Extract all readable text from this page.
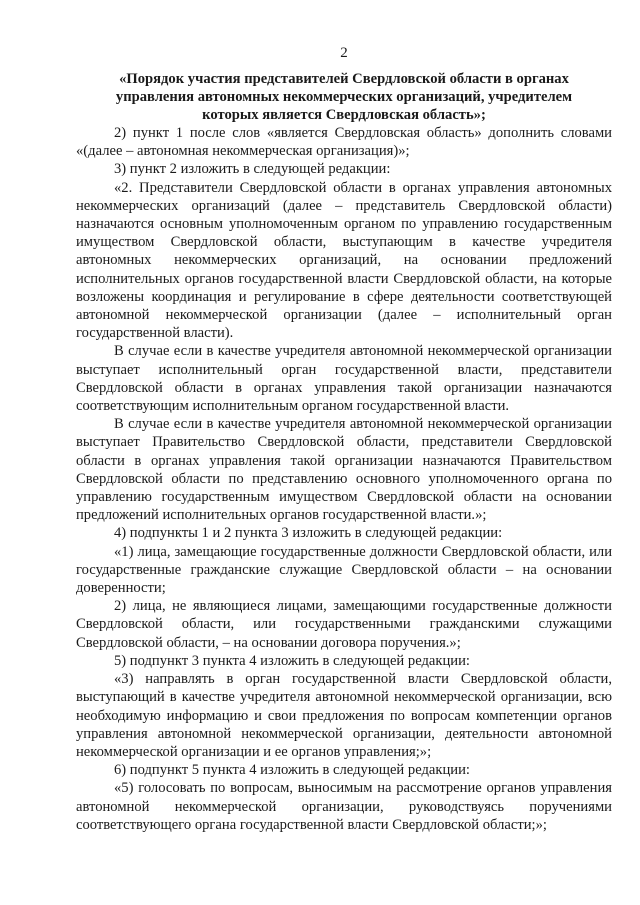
2
«Порядок участия представителей Свердловской области в органах
управления автономных некоммерческих организаций, учредителем
которых является Свердловская область»;

2) пункт 1 после слов «является Свердловская область» дополнить словами «(далее – автономная некоммерческая организация)»;

3) пункт 2 изложить в следующей редакции:

«2. Представители Свердловской области в органах управления автономных некоммерческих организаций (далее – представитель Свердловской области) назначаются основным уполномоченным органом по управлению государственным имуществом Свердловской области, выступающим в качестве учредителя автономных некоммерческих организаций, на основании предложений исполнительных органов государственной власти Свердловской области, на которые возложены координация и регулирование в сфере деятельности соответствующей автономной некоммерческой организации (далее – исполнительный орган государственной власти).

В случае если в качестве учредителя автономной некоммерческой организации выступает исполнительный орган государственной власти, представители Свердловской области в органах управления такой организации назначаются соответствующим исполнительным органом государственной власти.

В случае если в качестве учредителя автономной некоммерческой организации выступает Правительство Свердловской области, представители Свердловской области в органах управления такой организации назначаются Правительством Свердловской области по представлению основного уполномоченного органа по управлению государственным имуществом Свердловской области на основании предложений исполнительных органов государственной власти.»;

4) подпункты 1 и 2 пункта 3 изложить в следующей редакции:

«1) лица, замещающие государственные должности Свердловской области, или государственные гражданские служащие Свердловской области – на основании доверенности;

2) лица, не являющиеся лицами, замещающими государственные должности Свердловской области, или государственными гражданскими служащими Свердловской области, – на основании договора поручения.»;

5) подпункт 3 пункта 4 изложить в следующей редакции:

«3) направлять в орган государственной власти Свердловской области, выступающий в качестве учредителя автономной некоммерческой организации, всю необходимую информацию и свои предложения по вопросам компетенции органов управления автономной некоммерческой организации, деятельности автономной некоммерческой организации и ее органов управления;»;

6) подпункт 5 пункта 4 изложить в следующей редакции:

«5) голосовать по вопросам, выносимым на рассмотрение органов управления автономной некоммерческой организации, руководствуясь поручениями соответствующего органа государственной власти Свердловской области;»;
